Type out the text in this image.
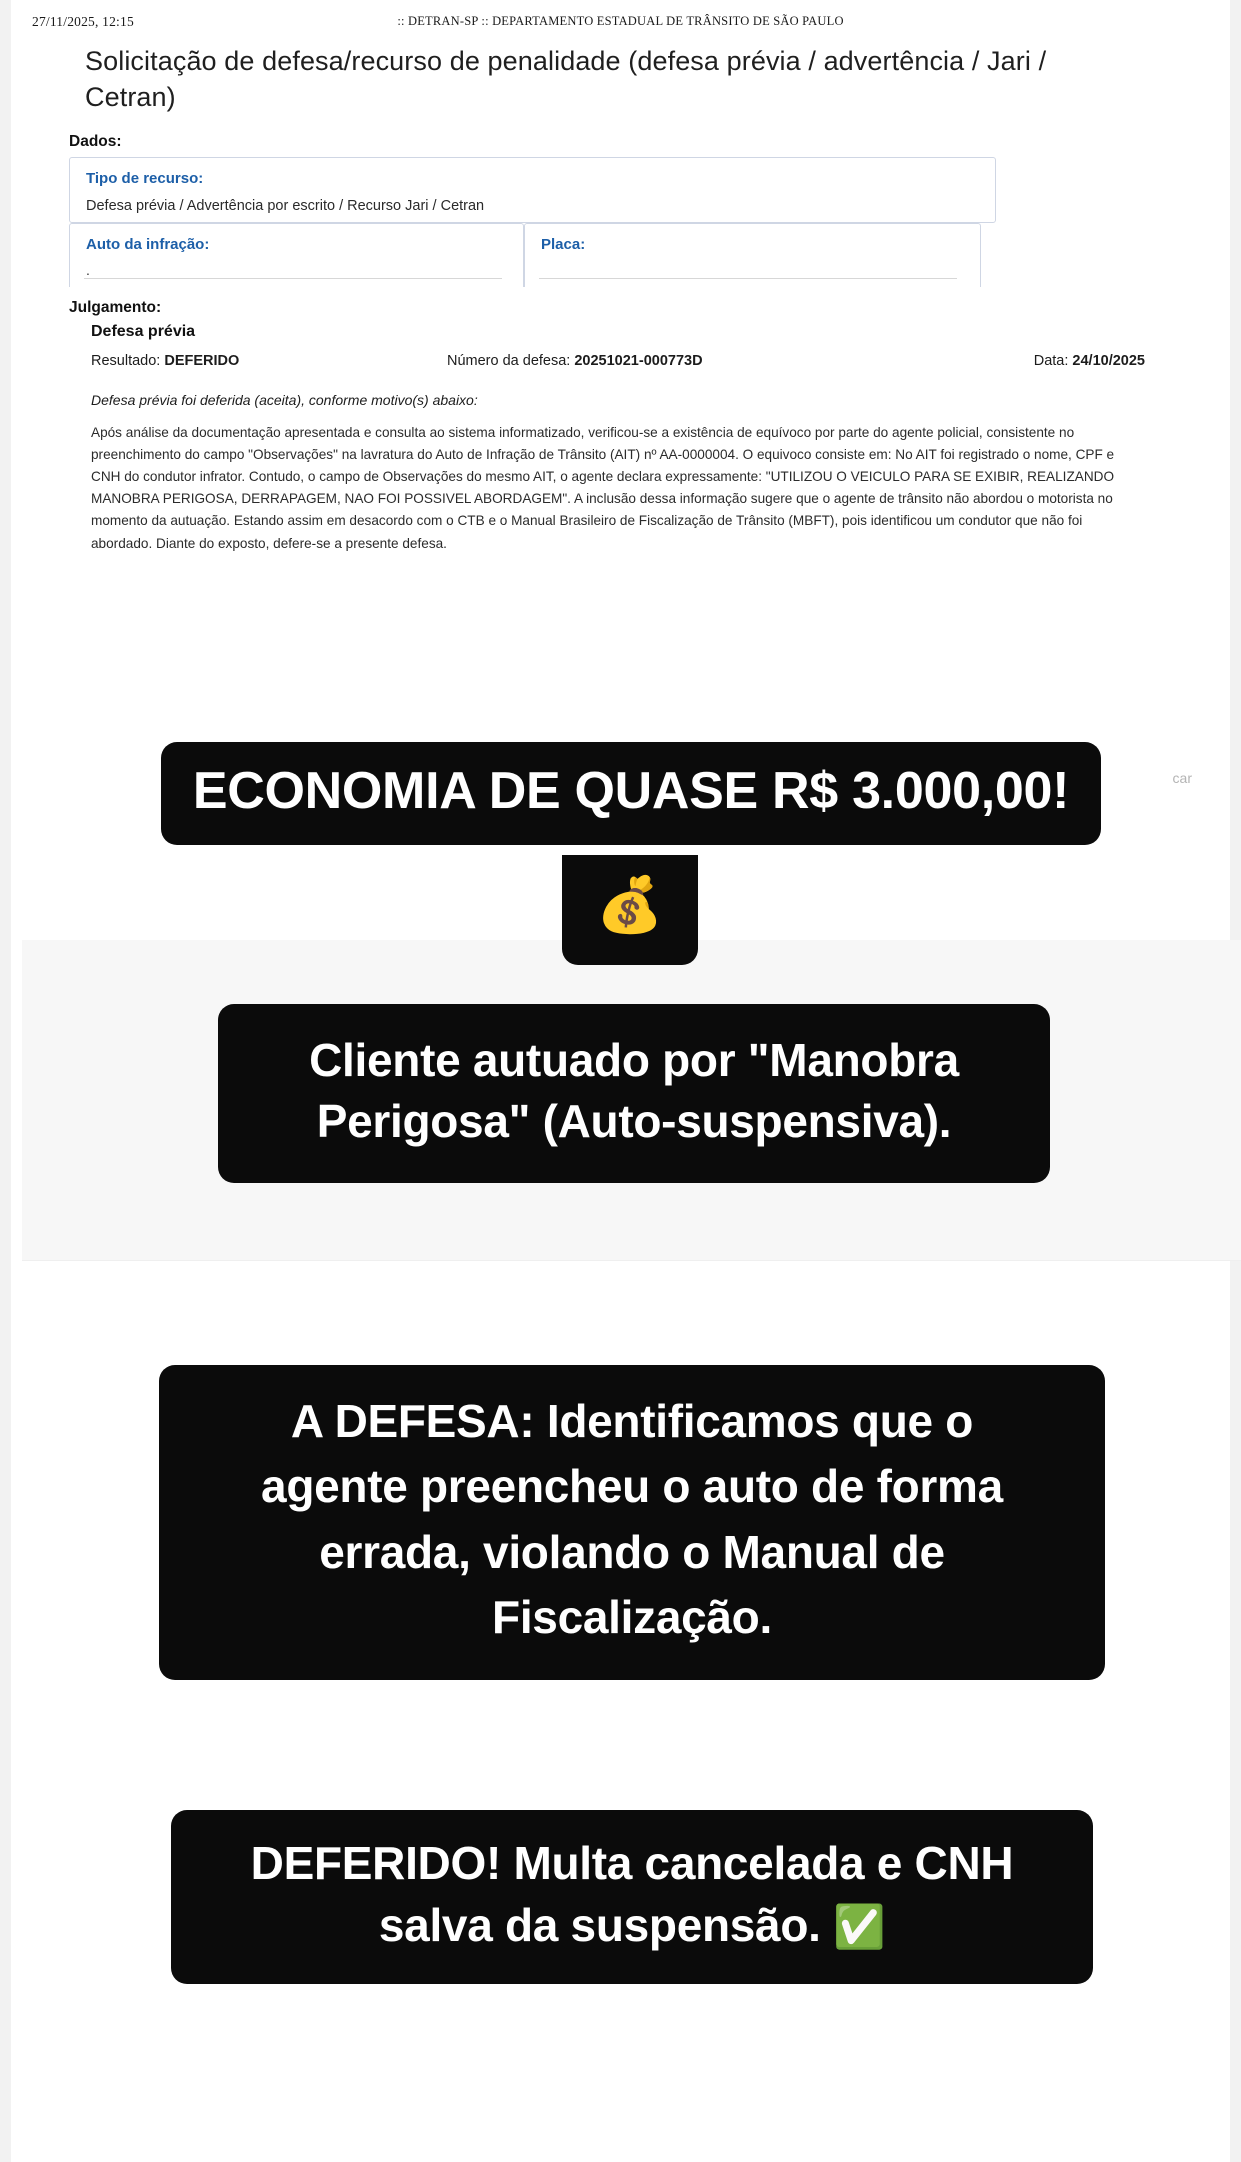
27/11/2025, 12:15	:: DETRAN-SP :: DEPARTAMENTO ESTADUAL DE TRÂNSITO DE SÃO PAULO
Solicitação de defesa/recurso de penalidade (defesa prévia / advertência / Jari / Cetran)
Dados:
Tipo de recurso:
Defesa prévia / Advertência por escrito / Recurso Jari / Cetran
Auto da infração:
.
Placa:
Julgamento:
Defesa prévia
Resultado: DEFERIDO	Número da defesa: 20251021-000773D	Data: 24/10/2025
Defesa prévia foi deferida (aceita), conforme motivo(s) abaixo:
Após análise da documentação apresentada e consulta ao sistema informatizado, verificou-se a existência de equívoco por parte do agente policial, consistente no preenchimento do campo "Observações" na lavratura do Auto de Infração de Trânsito (AIT) nº AA-0000004. O equivoco consiste em: No AIT foi registrado o nome, CPF e CNH do condutor infrator. Contudo, o campo de Observações do mesmo AIT, o agente declara expressamente: "UTILIZOU O VEICULO PARA SE EXIBIR, REALIZANDO MANOBRA PERIGOSA, DERRAPAGEM, NAO FOI POSSIVEL ABORDAGEM". A inclusão dessa informação sugere que o agente de trânsito não abordou o motorista no momento da autuação. Estando assim em desacordo com o CTB e o Manual Brasileiro de Fiscalização de Trânsito (MBFT), pois identificou um condutor que não foi abordado. Diante do exposto, defere-se a presente defesa.
car
ECONOMIA DE QUASE R$ 3.000,00!
💰
Cliente autuado por "Manobra
Perigosa" (Auto-suspensiva).
A DEFESA: Identificamos que o
agente preencheu o auto de forma
errada, violando o Manual de
Fiscalização.
DEFERIDO! Multa cancelada e CNH
salva da suspensão. ✅
